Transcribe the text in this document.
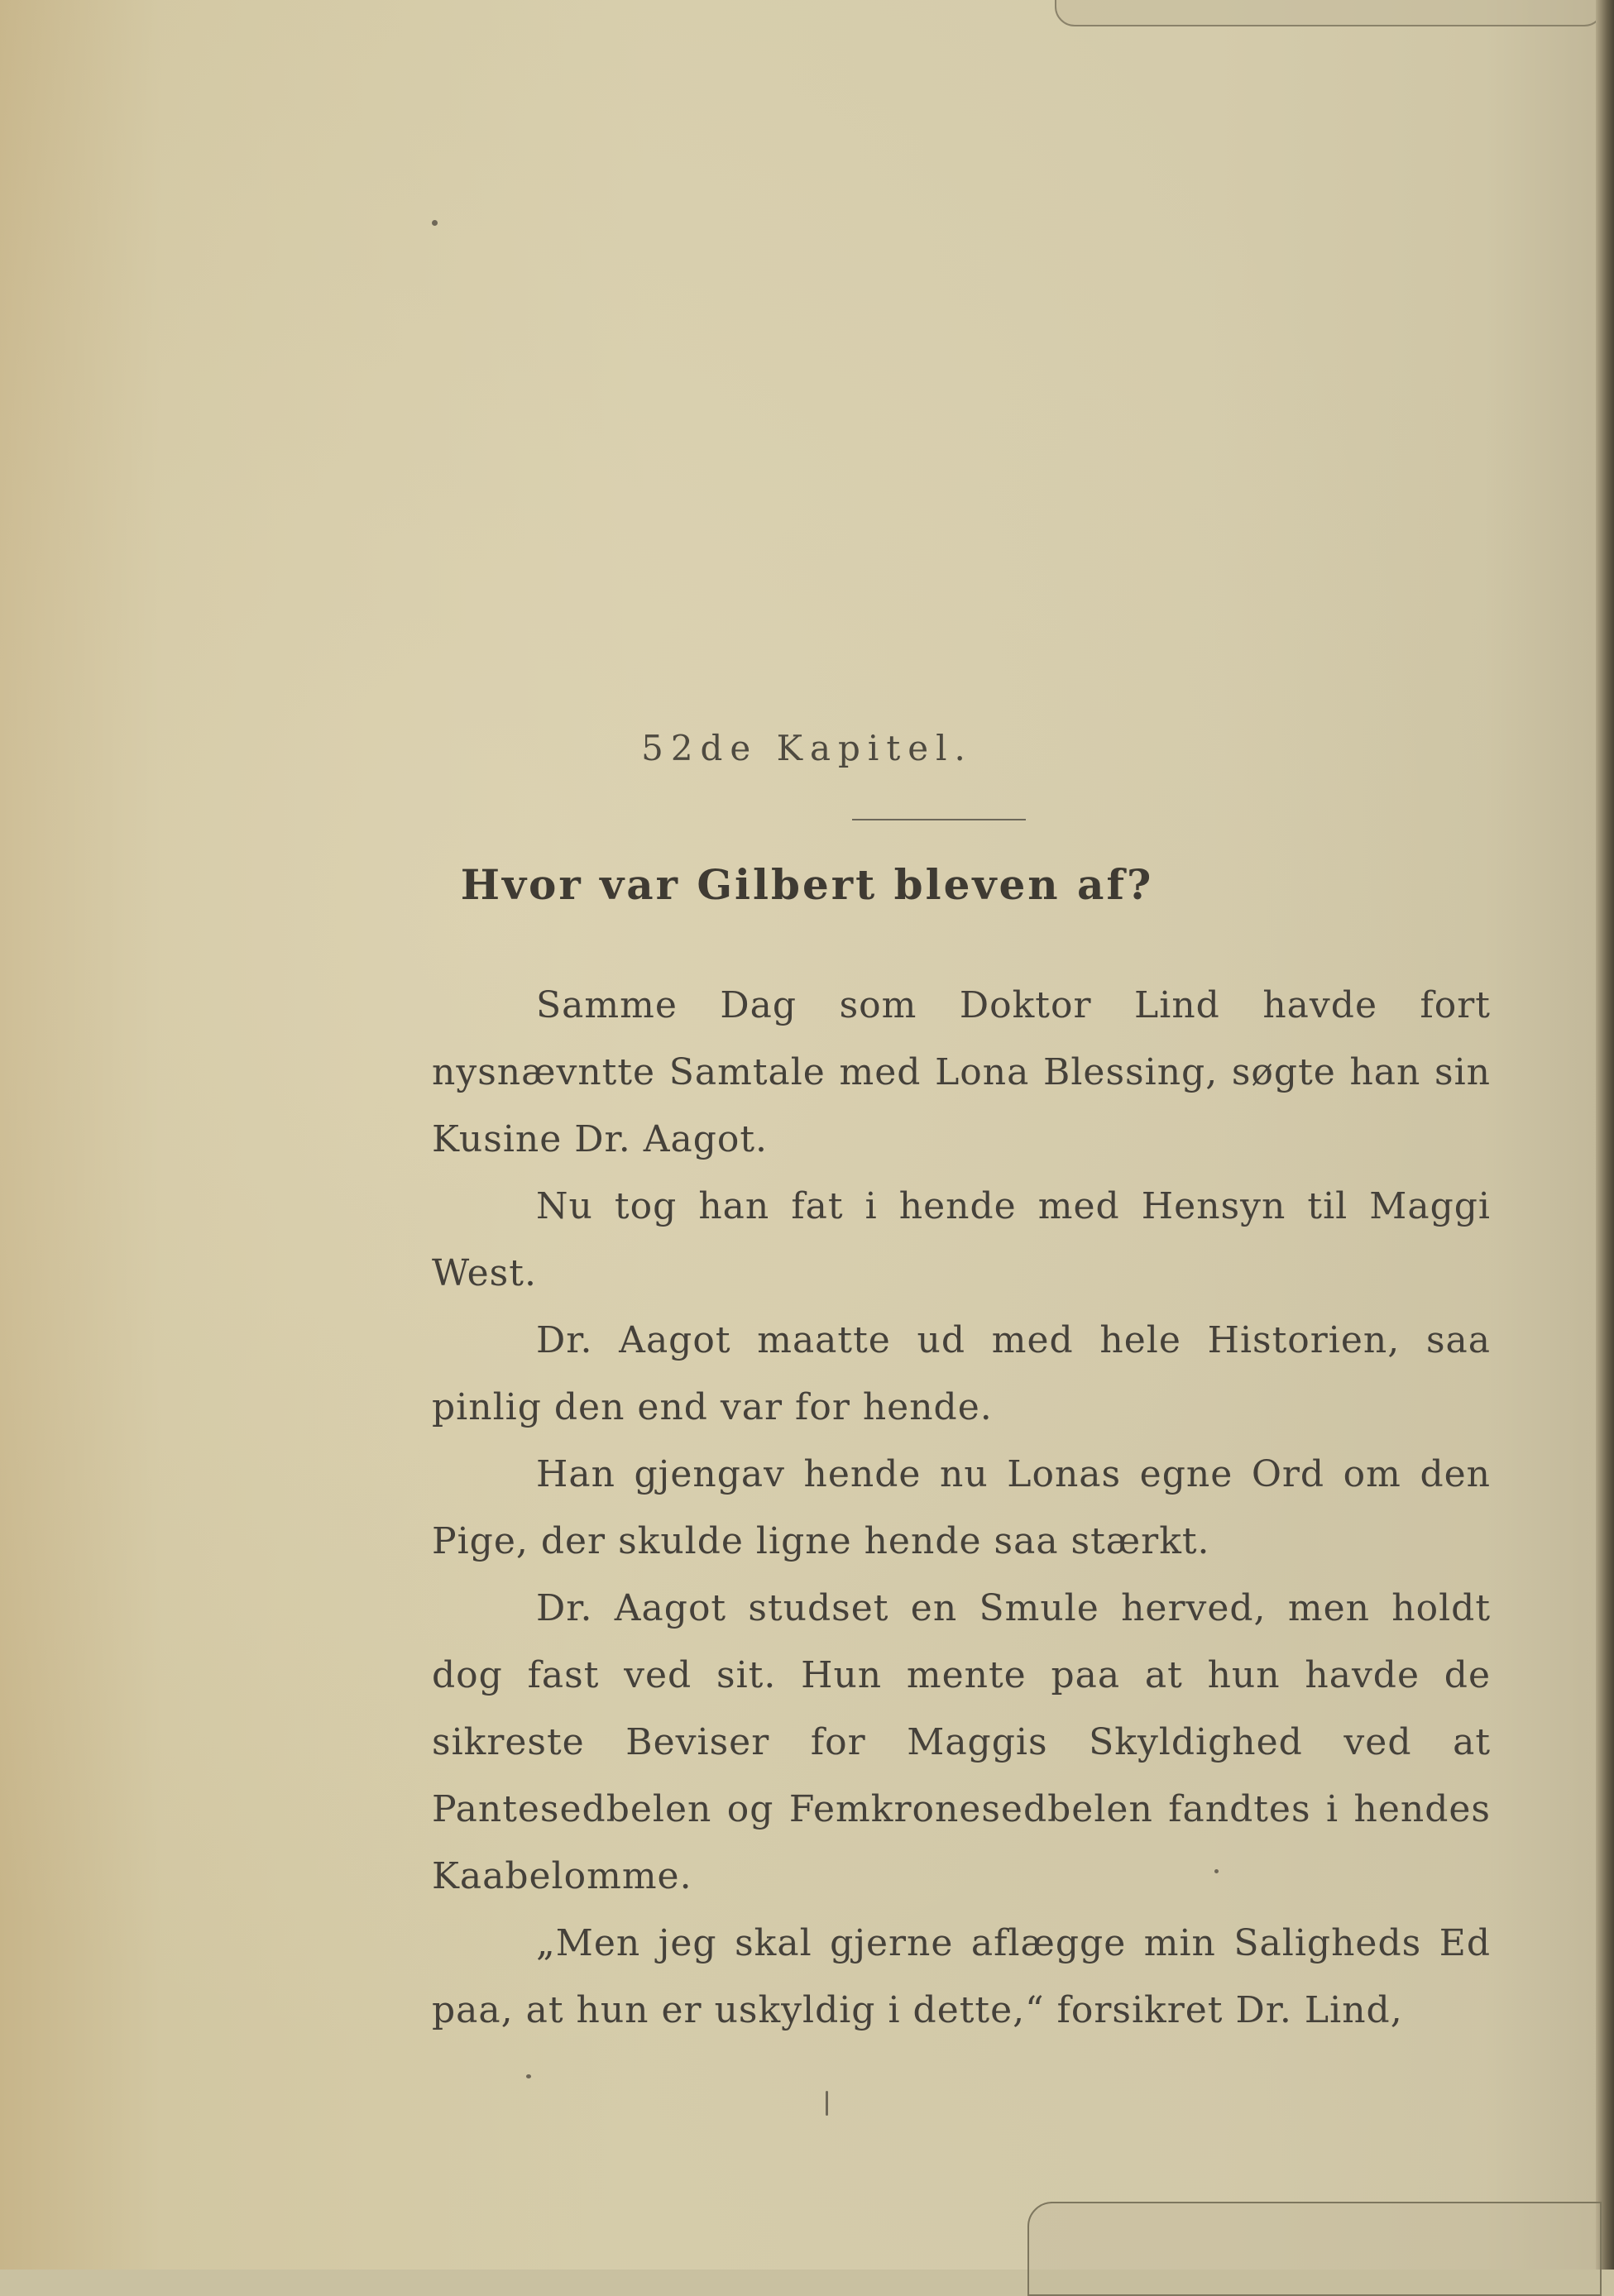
52de Kapitel.
Hvor var Gilbert bleven af?

Samme Dag som Doktor Lind havde fort nysnævntte Samtale med Lona Blessing, søgte han sin Kusine Dr. Aagot.

Nu tog han fat i hende med Hensyn til Maggi West.

Dr. Aagot maatte ud med hele Historien, saa pinlig den end var for hende.

Han gjengav hende nu Lonas egne Ord om den Pige, der skulde ligne hende saa stærkt.

Dr. Aagot studset en Smule herved, men holdt dog fast ved sit. Hun mente paa at hun havde de sikreste Beviser for Maggis Skyldighed ved at Pantesedbelen og Femkronesedbelen fandtes i hendes Kaabelomme.

„Men jeg skal gjerne aflægge min Saligheds Ed paa, at hun er uskyldig i dette,“ forsikret Dr. Lind,
